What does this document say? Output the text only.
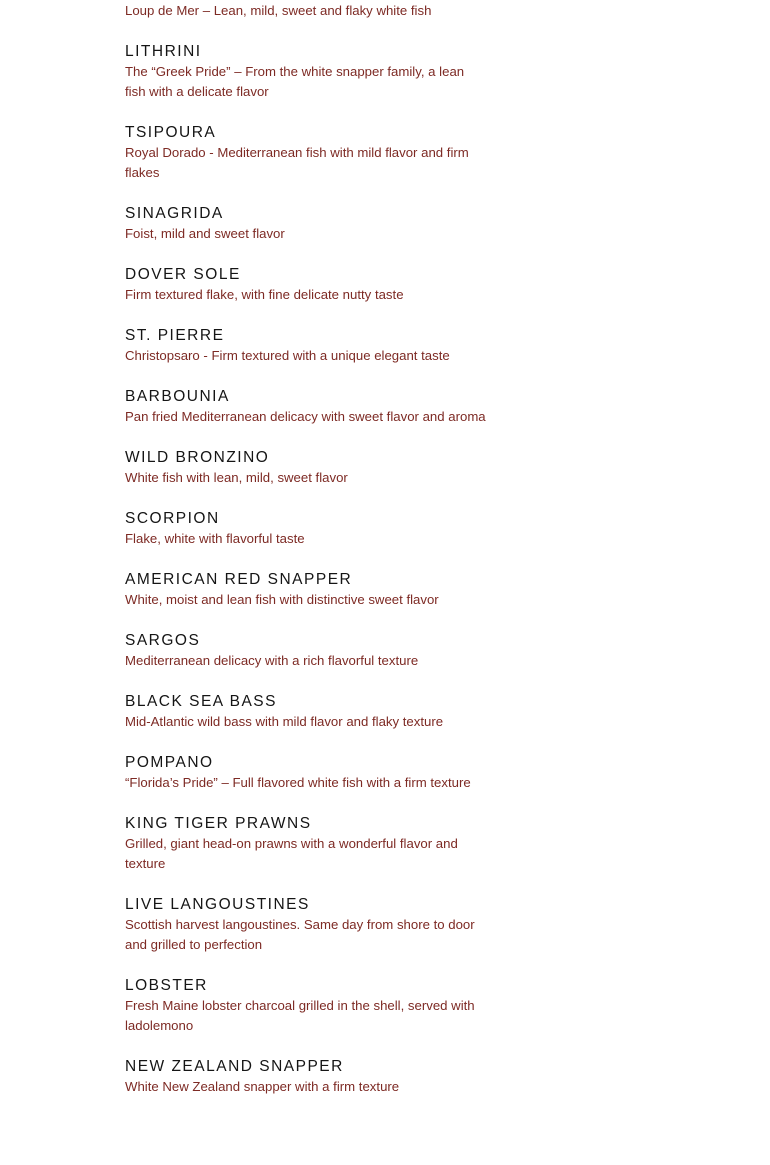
Loup de Mer – Lean, mild, sweet and flaky white fish

LITHRINI

The “Greek Pride” – From the white snapper family, a lean fish with a delicate flavor

TSIPOURA

Royal Dorado - Mediterranean fish with mild flavor and firm flakes

SINAGRIDA

Foist, mild and sweet flavor

DOVER SOLE

Firm textured flake, with fine delicate nutty taste

ST. PIERRE

Christopsaro - Firm textured with a unique elegant taste

BARBOUNIA

Pan fried Mediterranean delicacy with sweet flavor and aroma

WILD BRONZINO

White fish with lean, mild, sweet flavor

SCORPION

Flake, white with flavorful taste

AMERICAN RED SNAPPER

White, moist and lean fish with distinctive sweet flavor

SARGOS

Mediterranean delicacy with a rich flavorful texture

BLACK SEA BASS

Mid-Atlantic wild bass with mild flavor and flaky texture

POMPANO

“Florida’s Pride” – Full flavored white fish with a firm texture

KING TIGER PRAWNS

Grilled, giant head-on prawns with a wonderful flavor and texture

LIVE LANGOUSTINES

Scottish harvest langoustines. Same day from shore to door and grilled to perfection

LOBSTER

Fresh Maine lobster charcoal grilled in the shell, served with ladolemono

NEW ZEALAND SNAPPER

White New Zealand snapper with a firm texture
